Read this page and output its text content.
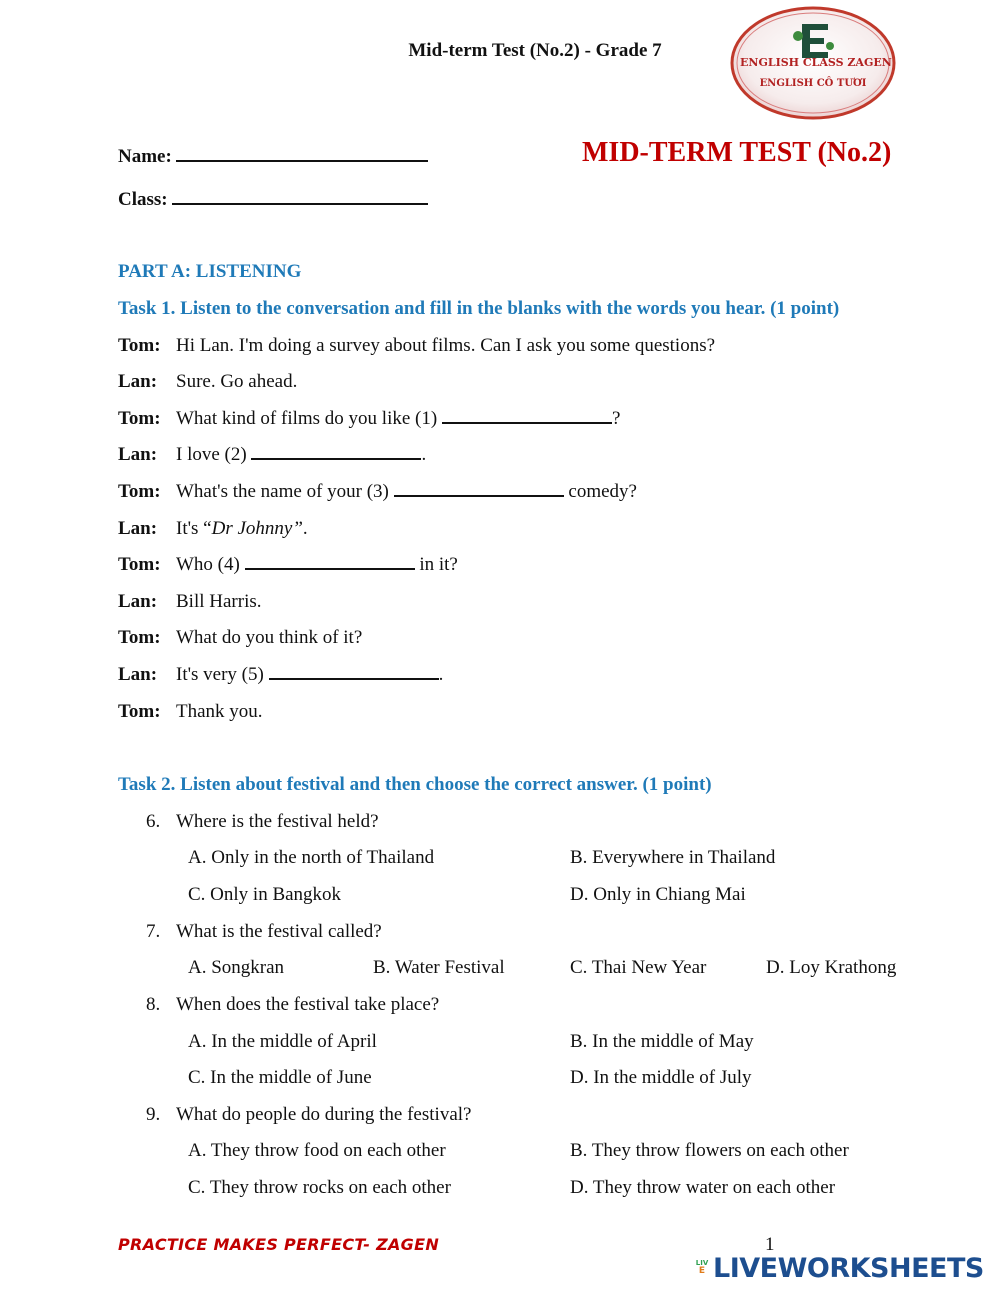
Mid-term Test (No.2) - Grade 7
ENGLISH CLASS ZAGEN
ENGLISH CÔ TƯƠI
Name:
Class:
MID-TERM TEST (No.2)
PART A: LISTENING
Task 1. Listen to the conversation and fill in the blanks with the words you hear. (1 point)
Tom: Hi Lan. I'm doing a survey about films. Can I ask you some questions?
Lan: Sure. Go ahead.
Tom: What kind of films do you like (1)	?
Lan: I love (2)	.
Tom: What's the name of your (3)	comedy?
Lan: It's “Dr Johnny”.
Tom: Who (4)	in it?
Lan: Bill Harris.
Tom: What do you think of it?
Lan: It's very (5)	.
Tom: Thank you.
Task 2. Listen about festival and then choose the correct answer. (1 point)
6. Where is the festival held?
A. Only in the north of Thailand	B. Everywhere in Thailand
C. Only in Bangkok	D. Only in Chiang Mai
7. What is the festival called?
A. Songkran	B. Water Festival	C. Thai New Year	D. Loy Krathong
8. When does the festival take place?
A. In the middle of April	B. In the middle of May
C. In the middle of June	D. In the middle of July
9. What do people do during the festival?
A. They throw food on each other	B. They throw flowers on each other
C. They throw rocks on each other	D. They throw water on each other
PRACTICE MAKES PERFECT- ZAGEN	1
LIV
E LIVEWORKSHEETS
